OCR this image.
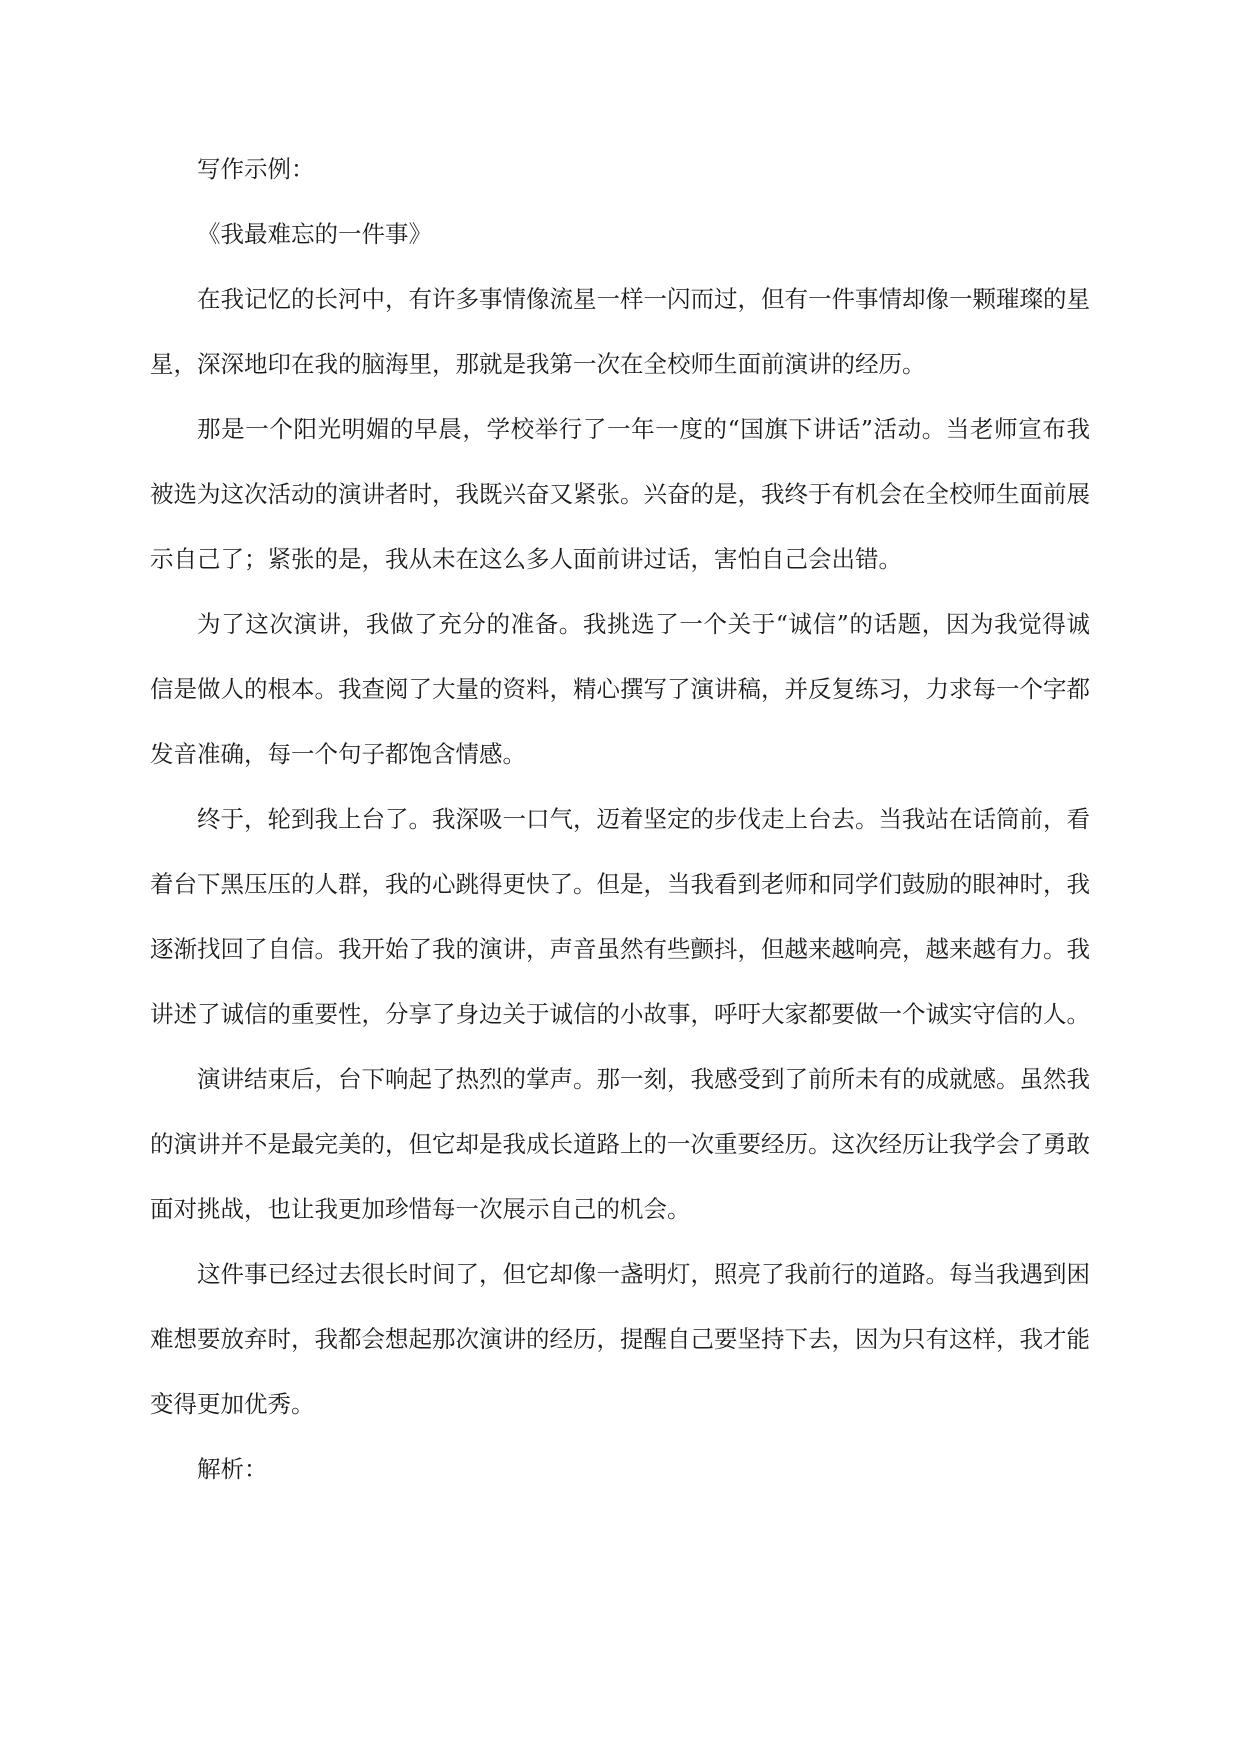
写作示例：

《我最难忘的一件事》

在我记忆的长河中，有许多事情像流星一样一闪而过，但有一件事情却像一颗璀璨的星星，深深地印在我的脑海里，那就是我第一次在全校师生面前演讲的经历。

那是一个阳光明媚的早晨，学校举行了一年一度的“国旗下讲话”活动。当老师宣布我被选为这次活动的演讲者时，我既兴奋又紧张。兴奋的是，我终于有机会在全校师生面前展示自己了；紧张的是，我从未在这么多人面前讲过话，害怕自己会出错。

为了这次演讲，我做了充分的准备。我挑选了一个关于“诚信”的话题，因为我觉得诚信是做人的根本。我查阅了大量的资料，精心撰写了演讲稿，并反复练习，力求每一个字都发音准确，每一个句子都饱含情感。

终于，轮到我上台了。我深吸一口气，迈着坚定的步伐走上台去。当我站在话筒前，看着台下黑压压的人群，我的心跳得更快了。但是，当我看到老师和同学们鼓励的眼神时，我逐渐找回了自信。我开始了我的演讲，声音虽然有些颤抖，但越来越响亮，越来越有力。我讲述了诚信的重要性，分享了身边关于诚信的小故事，呼吁大家都要做一个诚实守信的人。

演讲结束后，台下响起了热烈的掌声。那一刻，我感受到了前所未有的成就感。虽然我的演讲并不是最完美的，但它却是我成长道路上的一次重要经历。这次经历让我学会了勇敢面对挑战，也让我更加珍惜每一次展示自己的机会。

这件事已经过去很长时间了，但它却像一盏明灯，照亮了我前行的道路。每当我遇到困难想要放弃时，我都会想起那次演讲的经历，提醒自己要坚持下去，因为只有这样，我才能变得更加优秀。

解析：
